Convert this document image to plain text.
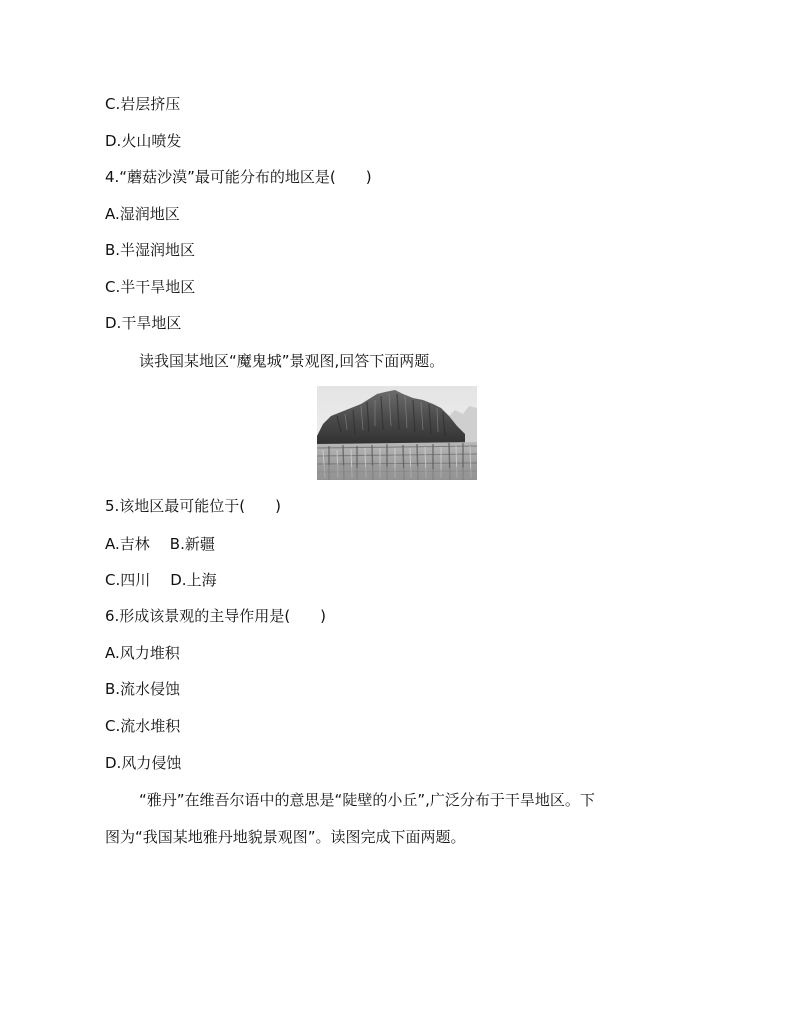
C.岩层挤压

D.火山喷发

4.“蘑菇沙漠”最可能分布的地区是(　　)

A.湿润地区

B.半湿润地区

C.半干旱地区

D.干旱地区

读我国某地区“魔鬼城”景观图,回答下面两题。

5.该地区最可能位于(　　)

A.吉林 B.新疆
C.四川 D.上海

6.形成该景观的主导作用是(　　)

A.风力堆积

B.流水侵蚀

C.流水堆积

D.风力侵蚀

“雅丹”在维吾尔语中的意思是“陡壁的小丘”,广泛分布于干旱地区。下

图为“我国某地雅丹地貌景观图”。读图完成下面两题。
